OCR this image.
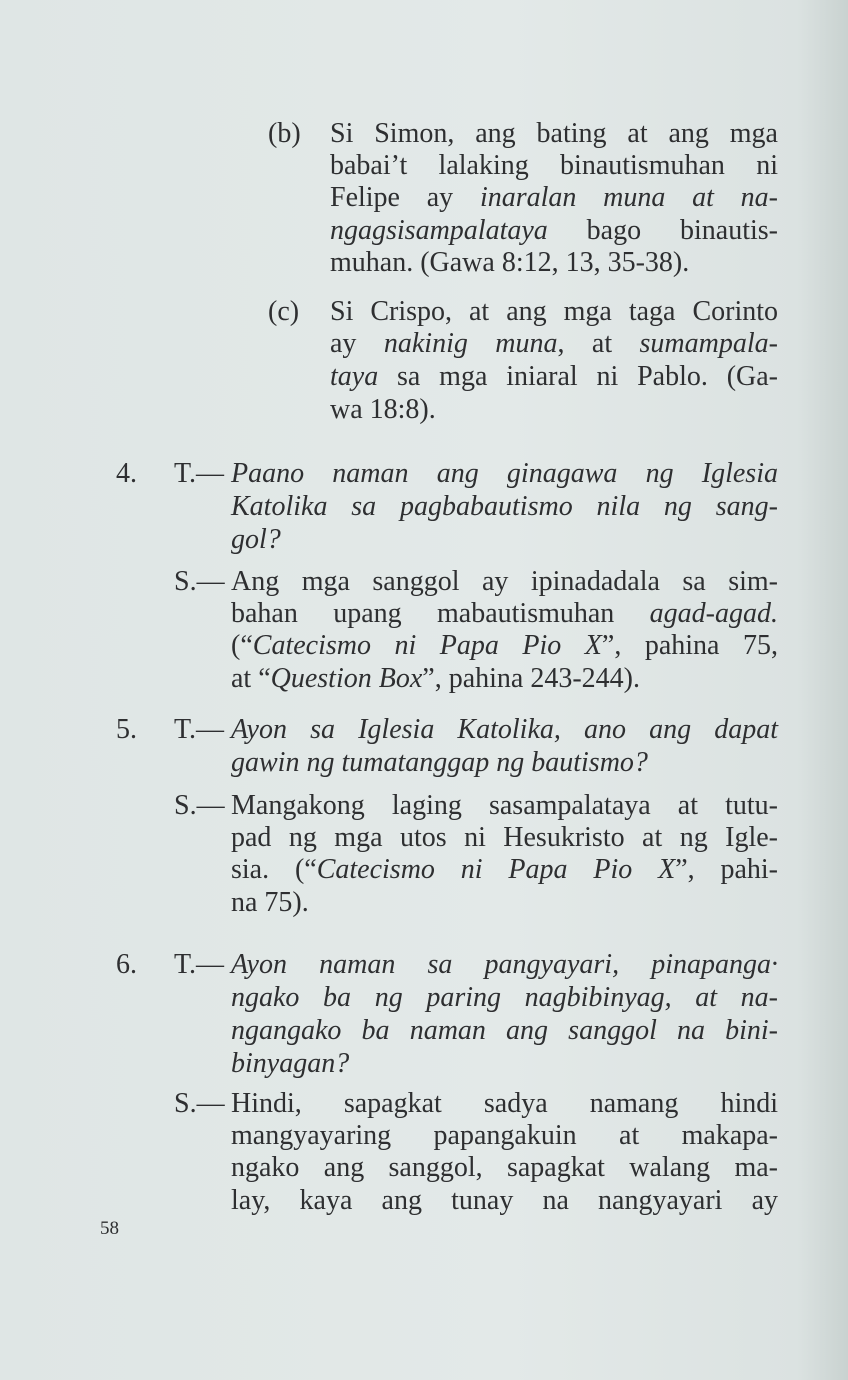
(b) Si Simon, ang bating at ang mga
babai’t lalaking binautismuhan ni
Felipe ay inaralan muna at na-
ngagsisampalataya bago binautis-
muhan. (Gawa 8:12, 13, 35-38).
(c) Si Crispo, at ang mga taga Corinto
ay nakinig muna, at sumampala-
taya sa mga iniaral ni Pablo. (Ga-
wa 18:8).
4. T.— Paano naman ang ginagawa ng Iglesia
Katolika sa pagbabautismo nila ng sang-
gol?
S.— Ang mga sanggol ay ipinadadala sa sim-
bahan upang mabautismuhan agad-agad.
(“Catecismo ni Papa Pio X”, pahina 75,
at “Question Box”, pahina 243-244).
5. T.— Ayon sa Iglesia Katolika, ano ang dapat
gawin ng tumatanggap ng bautismo?
S.— Mangakong laging sasampalataya at tutu-
pad ng mga utos ni Hesukristo at ng Igle-
sia. (“Catecismo ni Papa Pio X”, pahi-
na 75).
6. T.— Ayon naman sa pangyayari, pinapanga·
ngako ba ng paring nagbibinyag, at na-
ngangako ba naman ang sanggol na bini-
binyagan?
S.— Hindi, sapagkat sadya namang hindi
mangyayaring papangakuin at makapa-
ngako ang sanggol, sapagkat walang ma-
lay, kaya ang tunay na nangyayari ay
58
